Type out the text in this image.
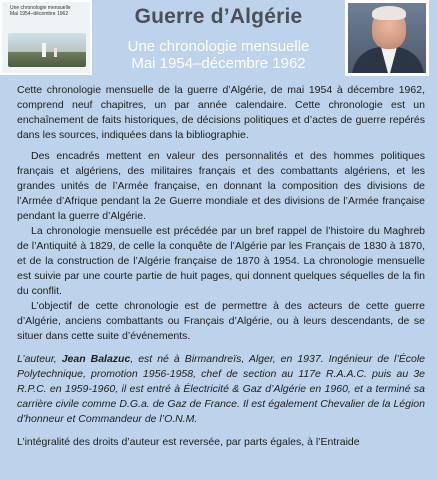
Une chronologie mensuelle
Mai 1954–décembre 1962	Guerre d’Algérie
Une chronologie mensuelle
Mai 1954–décembre 1962

Cette chronologie mensuelle de la guerre d’Algérie, de mai 1954 à décembre 1962, comprend neuf chapitres, un par année calendaire. Cette chronologie est un enchaînement de faits historiques, de décisions politiques et d’actes de guerre repérés dans les sources, indiquées dans la bibliographie.

Des encadrés mettent en valeur des personnalités et des hommes politiques français et algériens, des militaires français et des combattants algériens, et les grandes unités de l’Armée française, en donnant la composition des divisions de l’Armée d’Afrique pendant la 2e Guerre mondiale et des divisions de l’Armée française pendant la guerre d’Algérie.

La chronologie mensuelle est précédée par un bref rappel de l’histoire du Maghreb de l’Antiquité à 1829, de celle la conquête de l’Algérie par les Français de 1830 à 1870, et de la construction de l’Algérie française de 1870 à 1954. La chronologie mensuelle est suivie par une courte partie de huit pages, qui donnent quelques séquelles de la fin du conflit.

L’objectif de cette chronologie est de permettre à des acteurs de cette guerre d’Algérie, anciens combattants ou Français d’Algérie, ou à leurs descendants, de se situer dans cette suite d’événements.

L’auteur, Jean Balazuc, est né à Birmandreïs, Alger, en 1937. Ingénieur de l’École Polytechnique, promotion 1956-1958, chef de section au 117e R.A.A.C. puis au 3e R.P.C. en 1959-1960, il est entré à Électricité & Gaz d’Algérie en 1960, et a terminé sa carrière civile comme D.G.a. de Gaz de France. Il est également Chevalier de la Légion d’honneur et Commandeur de l’O.N.M.

L’intégralité des droits d’auteur est reversée, par parts égales, à l’Entraide
